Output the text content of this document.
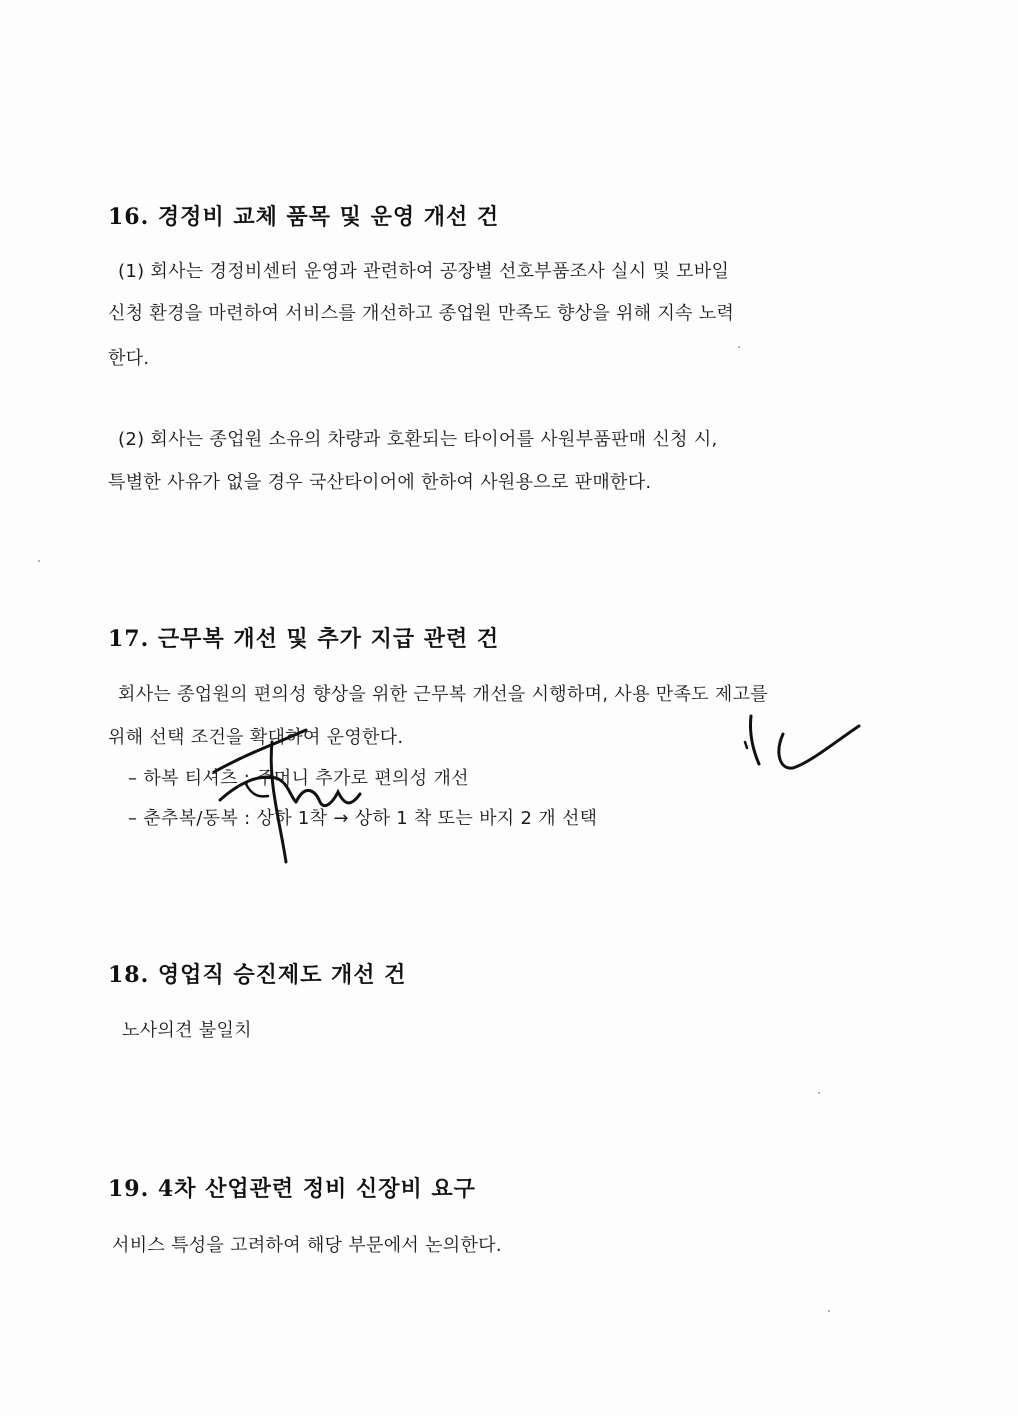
16. 경정비 교체 품목 및 운영 개선 건
(1) 회사는 경정비센터 운영과 관련하여 공장별 선호부품조사 실시 및 모바일
신청 환경을 마련하여 서비스를 개선하고 종업원 만족도 향상을 위해 지속 노력
한다.
(2) 회사는 종업원 소유의 차량과 호환되는 타이어를 사원부품판매 신청 시,
특별한 사유가 없을 경우 국산타이어에 한하여 사원용으로 판매한다.
17. 근무복 개선 및 추가 지급 관련 건
회사는 종업원의 편의성 향상을 위한 근무복 개선을 시행하며, 사용 만족도 제고를
위해 선택 조건을 확대하여 운영한다.
– 하복 티셔츠 : 주머니 추가로 편의성 개선
– 춘추복/동복 : 상하 1착 → 상하 1 착 또는 바지 2 개 선택
18. 영업직 승진제도 개선 건
노사의견 불일치
19. 4차 산업관련 정비 신장비 요구
서비스 특성을 고려하여 해당 부문에서 논의한다.
